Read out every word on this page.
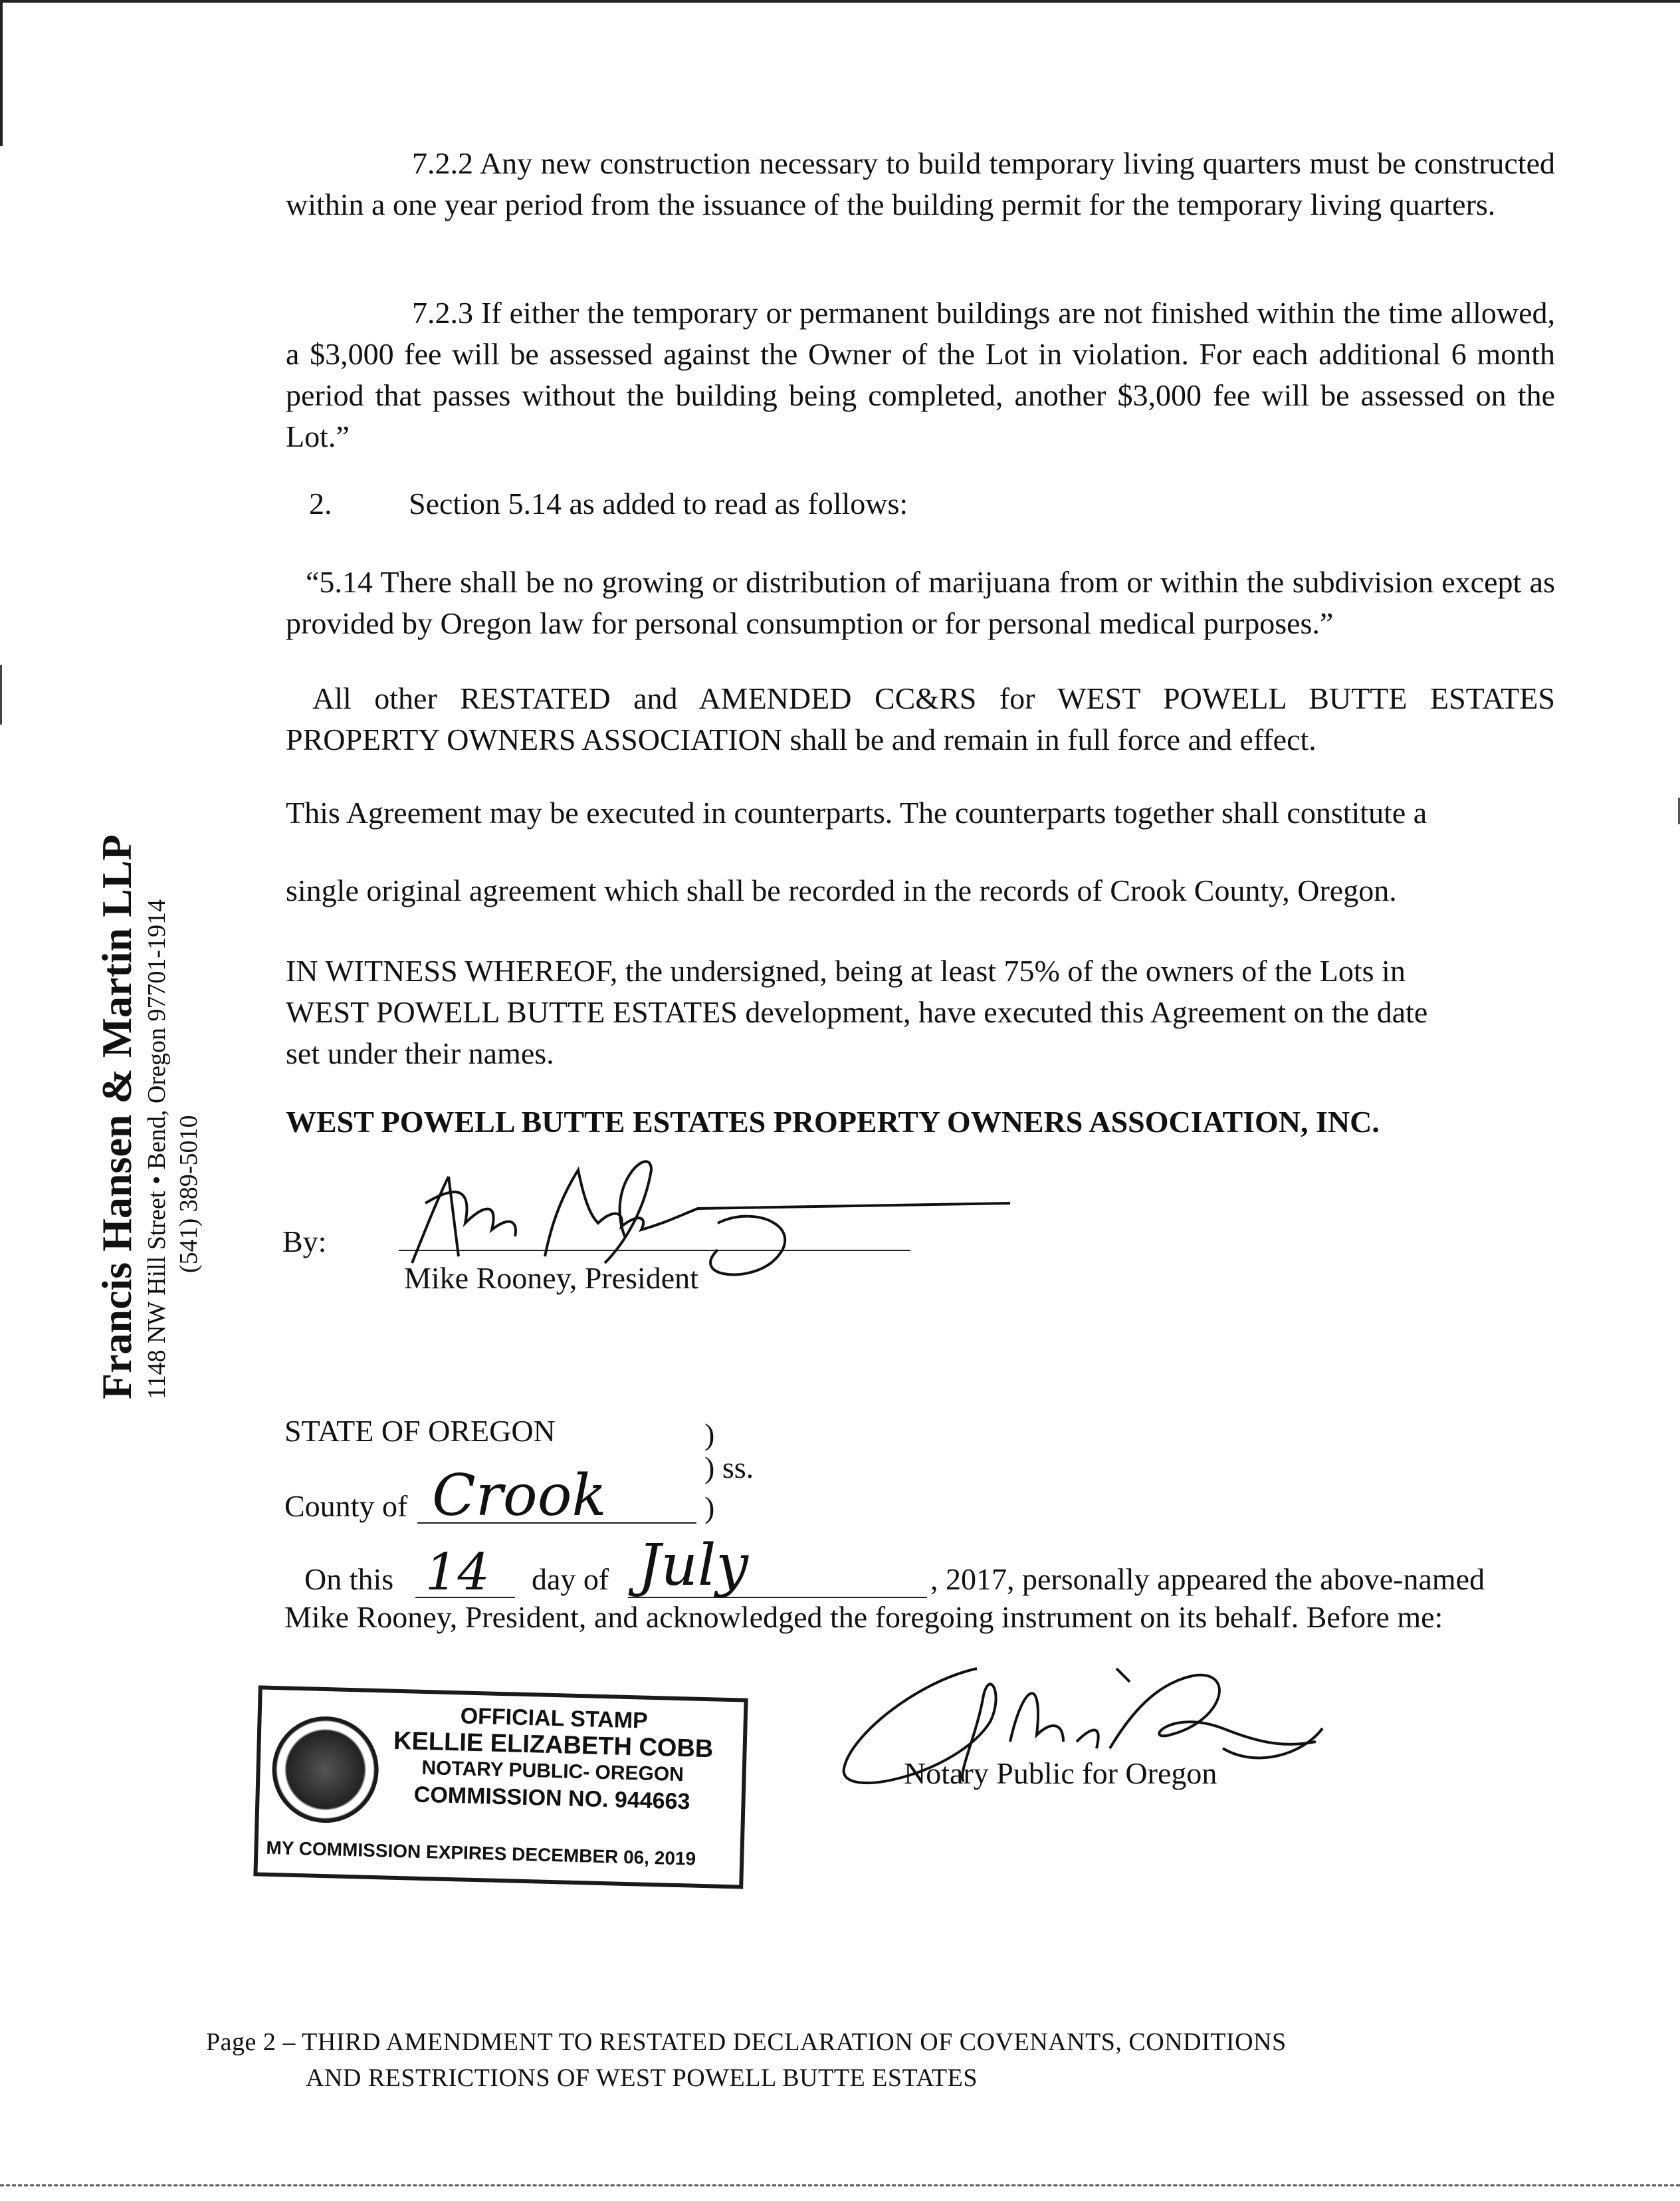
Francis Hansen & Martin LLP 1148 NW Hill Street • Bend, Oregon 97701-1914 (541) 389-5010

7.2.2 Any new construction necessary to build temporary living quarters must be constructed within a one year period from the issuance of the building permit for the temporary living quarters.

7.2.3 If either the temporary or permanent buildings are not finished within the time allowed, a $3,000 fee will be assessed against the Owner of the Lot in violation. For each additional 6 month period that passes without the building being completed, another $3,000 fee will be assessed on the Lot.”

2.	Section 5.14 as added to read as follows:

“5.14 There shall be no growing or distribution of marijuana from or within the subdivision except as provided by Oregon law for personal consumption or for personal medical purposes.”

All other RESTATED and AMENDED CC&RS for WEST POWELL BUTTE ESTATES PROPERTY OWNERS ASSOCIATION shall be and remain in full force and effect.

This Agreement may be executed in counterparts. The counterparts together shall constitute a
single original agreement which shall be recorded in the records of Crook County, Oregon.

IN WITNESS WHEREOF, the undersigned, being at least 75% of the owners of the Lots in WEST POWELL BUTTE ESTATES development, have executed this Agreement on the date set under their names.

WEST POWELL BUTTE ESTATES PROPERTY OWNERS ASSOCIATION, INC.
By:
Mike Rooney, President
STATE OF OREGON	)
) ss.
County of Crook	)
On this 14 day of July	, 2017, personally appeared the above-named
Mike Rooney, President, and acknowledged the foregoing instrument on its behalf. Before me:
Notary Public for Oregon
OFFICIAL STAMP
KELLIE ELIZABETH COBB
NOTARY PUBLIC- OREGON
COMMISSION NO. 944663
MY COMMISSION EXPIRES DECEMBER 06, 2019
Page 2 – THIRD AMENDMENT TO RESTATED DECLARATION OF COVENANTS, CONDITIONS
AND RESTRICTIONS OF WEST POWELL BUTTE ESTATES
